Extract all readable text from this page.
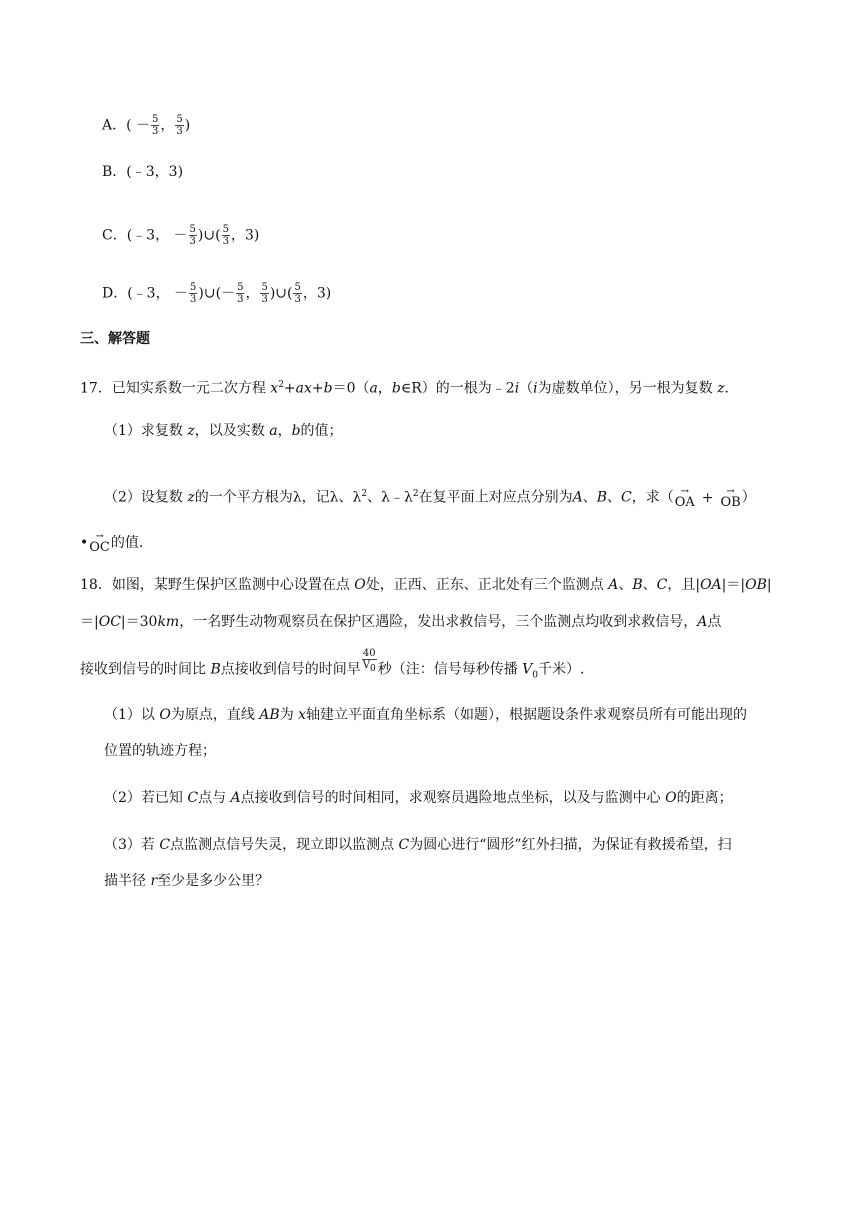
A．( － $\frac{5}{3}$ ， $\frac{5}{3}$ )
B．(﹣3，3)
C．(﹣3， － $\frac{5}{3}$ )∪( $\frac{5}{3}$ ，3)
D．(﹣3， － $\frac{5}{3}$ )∪(－ $\frac{5}{3}$ ， $\frac{5}{3}$ )∪( $\frac{5}{3}$ ，3)
三、解答题
17．已知实系数一元二次方程 $x^2+ax+b=0(a$，b∈R）的一根为﹣2i（i为虚数单位），另一根为复数 z.
（1）求复数 z，以及实数 a，b的值；
（2）设复数 z的一个平方根为λ，记λ、$\lambda^2$、$\lambda﹣\lambda^2$在复平面上对应点分别为A、B、C，求（ →
OA + →
OB ）
• →
OC 的值.
18．如图，某野生保护区监测中心设置在点 O处，正西、正东、正北处有三个监测点 A、B、C，且|OA|＝|OB|
＝|OC|＝30km，一名野生动物观察员在保护区遇险，发出求救信号，三个监测点均收到求救信号，A点
接收到信号的时间比 B点接收到信号的时间早 $\frac{40}{V_0}$ 秒（注：信号每秒传播 $V_0$千米）.
（1）以 O为原点，直线 AB为 x轴建立平面直角坐标系（如题），根据题设条件求观察员所有可能出现的
位置的轨迹方程；
（2）若已知 C点与 A点接收到信号的时间相同，求观察员遇险地点坐标，以及与监测中心 O的距离；
（3）若 C点监测点信号失灵，现立即以监测点 C为圆心进行“圆形”红外扫描，为保证有救援希望，扫
描半径 r至少是多少公里？
